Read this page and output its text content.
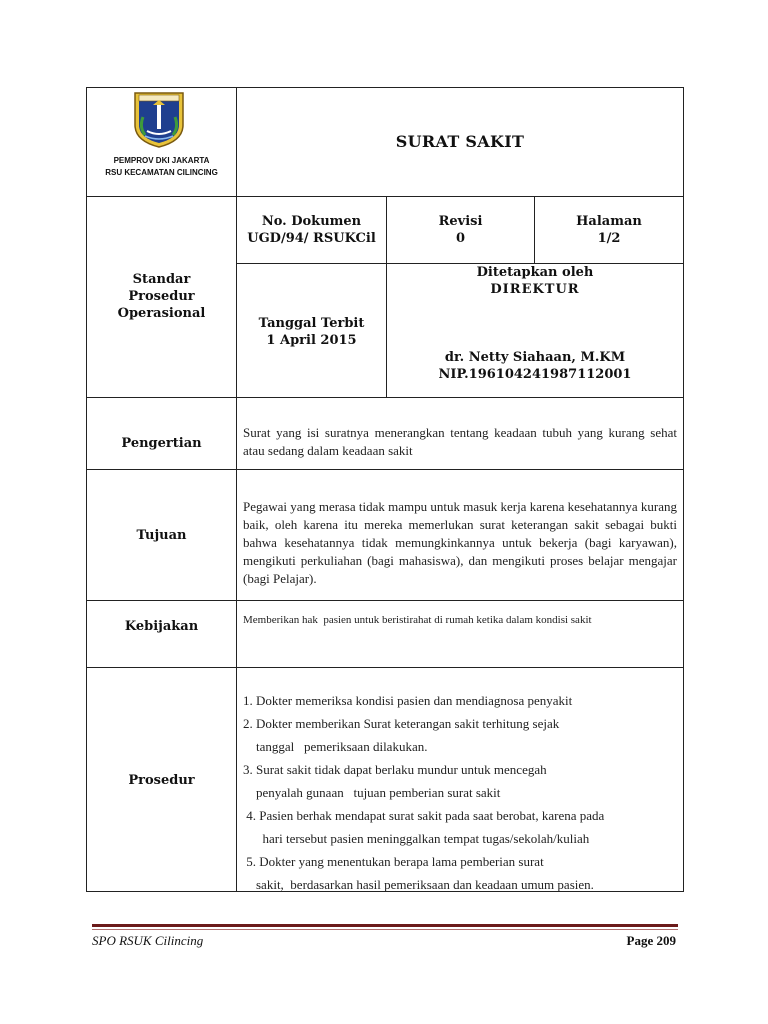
PEMPROV DKI JAKARTA
RSU KECAMATAN CILINCING
SURAT SAKIT
Standar
Prosedur
Operasional
No. Dokumen
UGD/94/ RSUKCil
Revisi
0
Halaman
1/2
Tanggal Terbit
1 April 2015
Ditetapkan oleh
DIREKTUR
dr. Netty Siahaan, M.KM
NIP.196104241987112001
Pengertian
Surat yang isi suratnya menerangkan tentang keadaan tubuh yang kurang sehat atau sedang dalam keadaan sakit
Tujuan
Pegawai yang merasa tidak mampu untuk masuk kerja karena kesehatannya kurang baik, oleh karena itu mereka memerlukan surat keterangan sakit sebagai bukti bahwa kesehatannya tidak memungkinkannya untuk bekerja (bagi karyawan), mengikuti perkuliahan (bagi mahasiswa), dan mengikuti proses belajar mengajar (bagi Pelajar).
Kebijakan	Memberikan hak  pasien untuk beristirahat di rumah ketika dalam kondisi sakit
Prosedur
1. Dokter memeriksa kondisi pasien dan mendiagnosa penyakit
2. Dokter memberikan Surat keterangan sakit terhitung sejak
tanggal   pemeriksaan dilakukan.
3. Surat sakit tidak dapat berlaku mundur untuk mencegah
penyalah gunaan   tujuan pemberian surat sakit
4. Pasien berhak mendapat surat sakit pada saat berobat, karena pada
hari tersebut pasien meninggalkan tempat tugas/sekolah/kuliah
5. Dokter yang menentukan berapa lama pemberian surat
sakit,  berdasarkan hasil pemeriksaan dan keadaan umum pasien.
SPO RSUK Cilincing	Page 209
